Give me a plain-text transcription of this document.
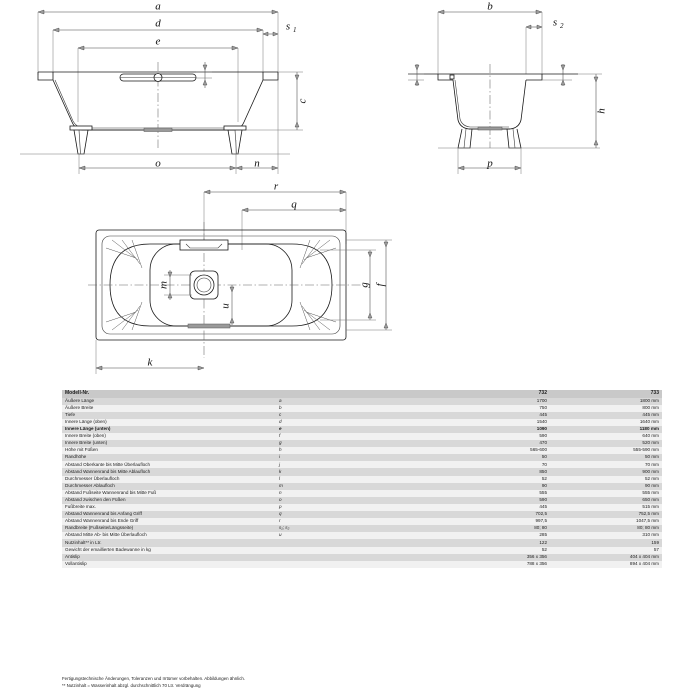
a
d
e
s 1
c
o	n
b
s 2
h
p
r
q
m
u
g f
k
Modell-Nr.		732	733
Äußere Länge	a	1700	1800 mm
Äußere Breite	b	750	800 mm
Tiefe	c	445	445 mm
Innere Länge (oben)	d	1540	1640 mm
Innere Länge (unten)	e	1090	1180 mm
Innere Breite (oben)	f	590	640 mm
Innere Breite (unten)	g	470	520 mm
Höhe mit Füßen	h	565-600	555-590 mm
Randhöhe	i	50	50 mm
Abstand Oberkante bis Mitte Überlaufloch	j	70	70 mm
Abstand Wannenrand bis Mitte Ablaufloch	k	850	900 mm
Durchmesser Überlaufloch	l	52	52 mm
Durchmesser Ablaufloch	m	90	90 mm
Abstand Fußseite Wannenrand bis Mitte Fuß	n	555	555 mm
Abstand zwischen den Füßen	o	590	650 mm
Fußbreite max.	p	445	515 mm
Abstand Wannenrand bis Anfang Griff	q	702,5	752,5 mm
Abstand Wannenrand bis Ende Griff	r	997,5	1047,5 mm
Randbreite (Fußseite/Längsseite)	s₁; s₂	80; 80	80; 80 mm
Abstand Mitte Ab- bis Mitte Überlaufloch	u	285	310 mm
Nutzinhalt** in Ltr.		122	159
Gewicht der emaillierten Badewanne in kg		52	57
Antislip		356 x 356	404 x 404 mm
Vollantislip		788 x 356	894 x 404 mm
Fertigungstechnische Änderungen, Toleranzen und Irrtümer vorbehalten. Abbildungen ähnlich.
** Nutzinhalt = Wasserinhalt abzgl. durchschnittlich 70 Ltr. Verdrängung
